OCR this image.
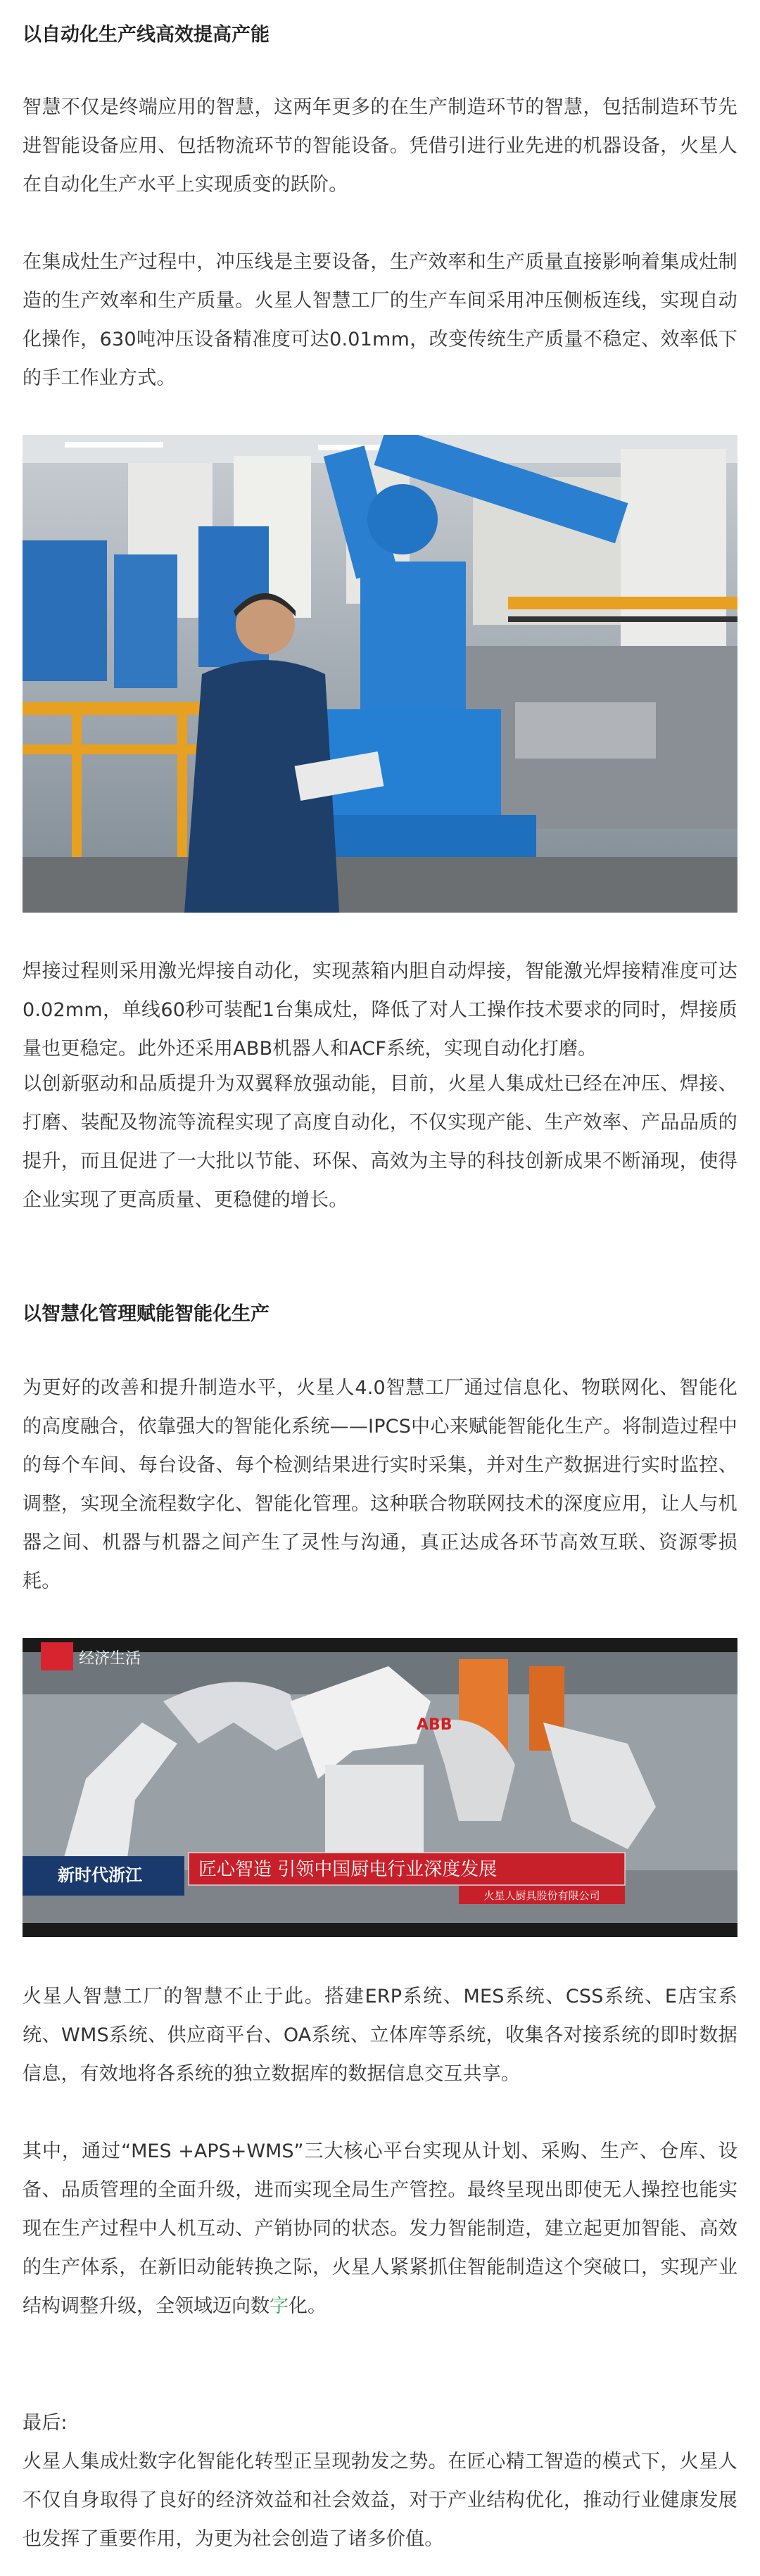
以自动化生产线高效提高产能

智慧不仅是终端应用的智慧，这两年更多的在生产制造环节的智慧，包括制造环节先进智能设备应用、包括物流环节的智能设备。凭借引进行业先进的机器设备，火星人在自动化生产水平上实现质变的跃阶。

在集成灶生产过程中，冲压线是主要设备，生产效率和生产质量直接影响着集成灶制造的生产效率和生产质量。火星人智慧工厂的生产车间采用冲压侧板连线，实现自动化操作，630吨冲压设备精准度可达0.01mm，改变传统生产质量不稳定、效率低下的手工作业方式。

焊接过程则采用激光焊接自动化，实现蒸箱内胆自动焊接，智能激光焊接精准度可达0.02mm，单线60秒可装配1台集成灶，降低了对人工操作技术要求的同时，焊接质量也更稳定。此外还采用ABB机器人和ACF系统，实现自动化打磨。

以创新驱动和品质提升为双翼释放强动能，目前，火星人集成灶已经在冲压、焊接、打磨、装配及物流等流程实现了高度自动化，不仅实现产能、生产效率、产品品质的提升，而且促进了一大批以节能、环保、高效为主导的科技创新成果不断涌现，使得企业实现了更高质量、更稳健的增长。

以智慧化管理赋能智能化生产

为更好的改善和提升制造水平，火星人4.0智慧工厂通过信息化、物联网化、智能化的高度融合，依靠强大的智能化系统——IPCS中心来赋能智能化生产。将制造过程中的每个车间、每台设备、每个检测结果进行实时采集，并对生产数据进行实时监控、调整，实现全流程数字化、智能化管理。这种联合物联网技术的深度应用，让人与机器之间、机器与机器之间产生了灵性与沟通，真正达成各环节高效互联、资源零损耗。

ABB
经济生活
新时代浙江	匠心智造 引领中国厨电行业深度发展
火星人厨具股份有限公司

火星人智慧工厂的智慧不止于此。搭建ERP系统、MES系统、CSS系统、E店宝系统、WMS系统、供应商平台、OA系统、立体库等系统，收集各对接系统的即时数据信息，有效地将各系统的独立数据库的数据信息交互共享。

其中，通过“MES +APS+WMS”三大核心平台实现从计划、采购、生产、仓库、设备、品质管理的全面升级，进而实现全局生产管控。最终呈现出即使无人操控也能实现在生产过程中人机互动、产销协同的状态。发力智能制造，建立起更加智能、高效的生产体系，在新旧动能转换之际，火星人紧紧抓住智能制造这个突破口，实现产业结构调整升级，全领域迈向数字化。

最后:

火星人集成灶数字化智能化转型正呈现勃发之势。在匠心精工智造的模式下，火星人不仅自身取得了良好的经济效益和社会效益，对于产业结构优化，推动行业健康发展也发挥了重要作用，为更为社会创造了诸多价值。
